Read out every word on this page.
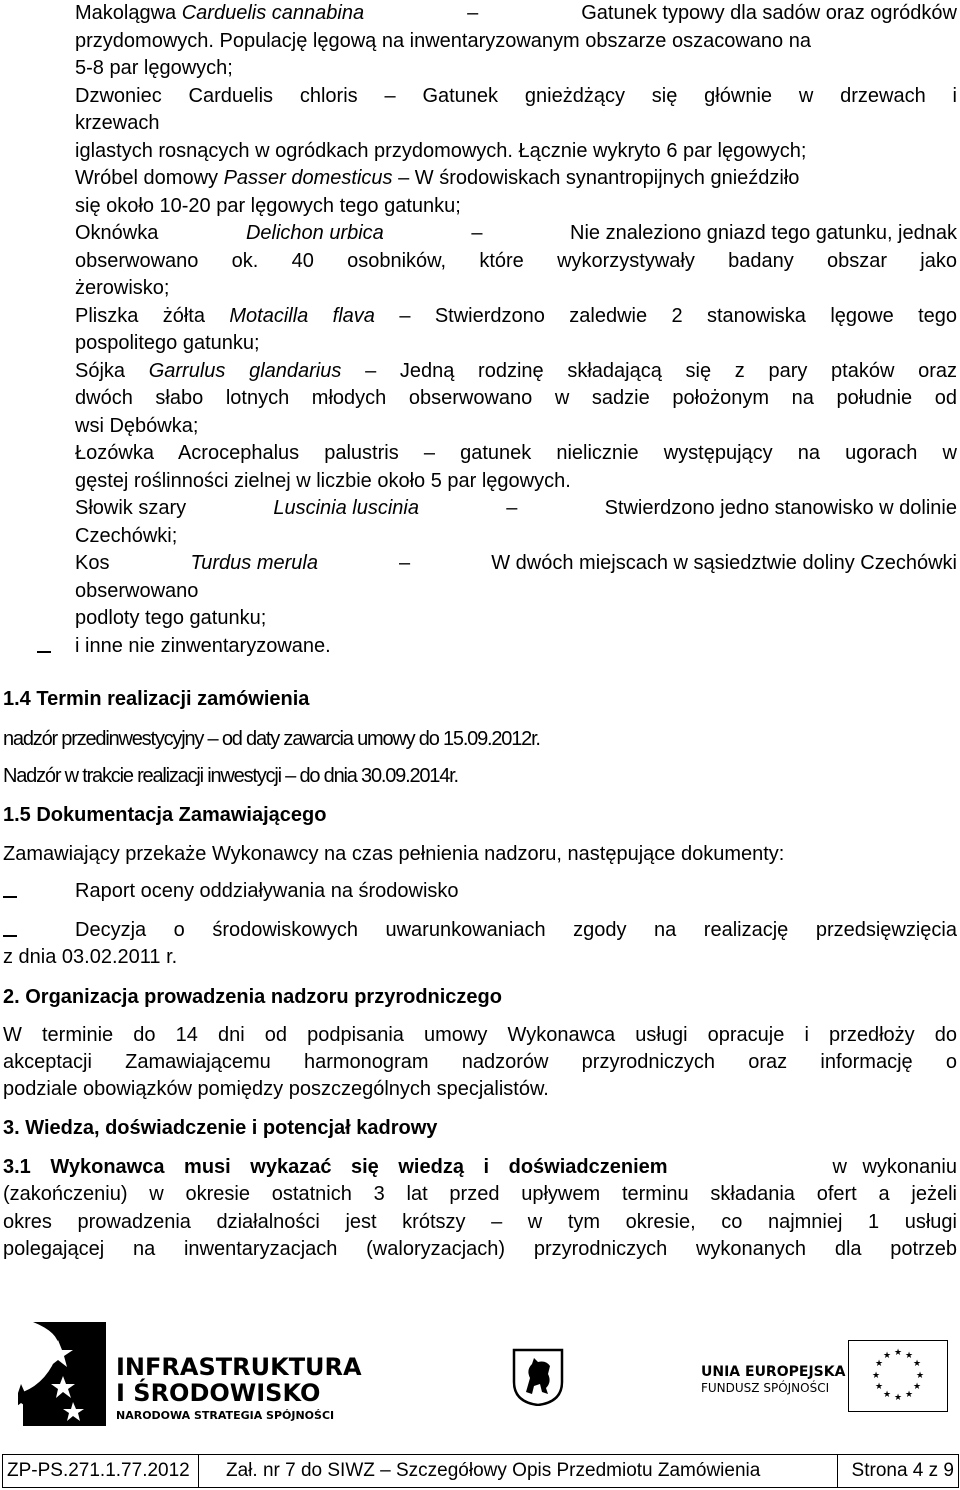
Makolągwa Carduelis cannabina	–	Gatunek typowy dla sadów oraz ogródków
przydomowych. Populację lęgową na inwentaryzowanym obszarze oszacowano na
5-8 par lęgowych;
Dzwoniec Carduelis chloris – Gatunek gnieżdżący się głównie w drzewach i
krzewach
iglastych rosnących w ogródkach przydomowych. Łącznie wykryto 6 par lęgowych;
Wróbel domowy Passer domesticus – W środowiskach synantropijnych gnieździło
się około 10-20 par lęgowych tego gatunku;
Oknówka	Delichon urbica	–	Nie znaleziono gniazd tego gatunku, jednak
obserwowano ok. 40 osobników, które wykorzystywały badany obszar jako
żerowisko;
Pliszka żółta Motacilla flava – Stwierdzono zaledwie 2 stanowiska lęgowe tego
pospolitego gatunku;
Sójka Garrulus glandarius – Jedną rodzinę składającą się z pary ptaków oraz
dwóch słabo lotnych młodych obserwowano w sadzie położonym na południe od
wsi Dębówka;
Łozówka Acrocephalus palustris – gatunek nielicznie występujący na ugorach w
gęstej roślinności zielnej w liczbie około 5 par lęgowych.
Słowik szary	Luscinia luscinia	–	Stwierdzono jedno stanowisko w dolinie
Czechówki;
Kos	Turdus merula	–	W dwóch miejscach w sąsiedztwie doliny Czechówki
obserwowano
podloty tego gatunku;
i inne nie zinwentaryzowane.
1.4 Termin realizacji zamówienia
nadzór przedinwestycyjny – od daty zawarcia umowy do 15.09.2012r.
Nadzór w trakcie realizacji inwestycji – do dnia 30.09.2014r.
1.5 Dokumentacja Zamawiającego
Zamawiający przekaże Wykonawcy na czas pełnienia nadzoru, następujące dokumenty:
Raport oceny oddziaływania na środowisko
Decyzja o środowiskowych uwarunkowaniach zgody na realizację przedsięwzięcia
z dnia 03.02.2011 r.
2. Organizacja prowadzenia nadzoru przyrodniczego
W terminie do 14 dni od podpisania umowy Wykonawca usługi opracuje i przedłoży do
akceptacji Zamawiającemu harmonogram nadzorów przyrodniczych oraz informację o
podziale obowiązków pomiędzy poszczególnych specjalistów.
3. Wiedza, doświadczenie i potencjał kadrowy
3.1 Wykonawca musi wykazać się wiedzą i doświadczeniem	w wykonaniu
(zakończeniu) w okresie ostatnich 3 lat przed upływem terminu składania ofert a jeżeli
okres prowadzenia działalności jest krótszy – w tym okresie, co najmniej 1 usługi
polegającej na inwentaryzacjach (waloryzacjach) przyrodniczych wykonanych dla potrzeb
INFRASTRUKTURA
I ŚRODOWISKO
NARODOWA STRATEGIA SPÓJNOŚCI
UNIA EUROPEJSKA
FUNDUSZ SPÓJNOŚCI
★ ★
★
★
★
★
★
★
★
★
★
★
ZP-PS.271.1.77.2012	Zał. nr 7 do SIWZ – Szczegółowy Opis Przedmiotu Zamówienia	Strona 4 z 9
